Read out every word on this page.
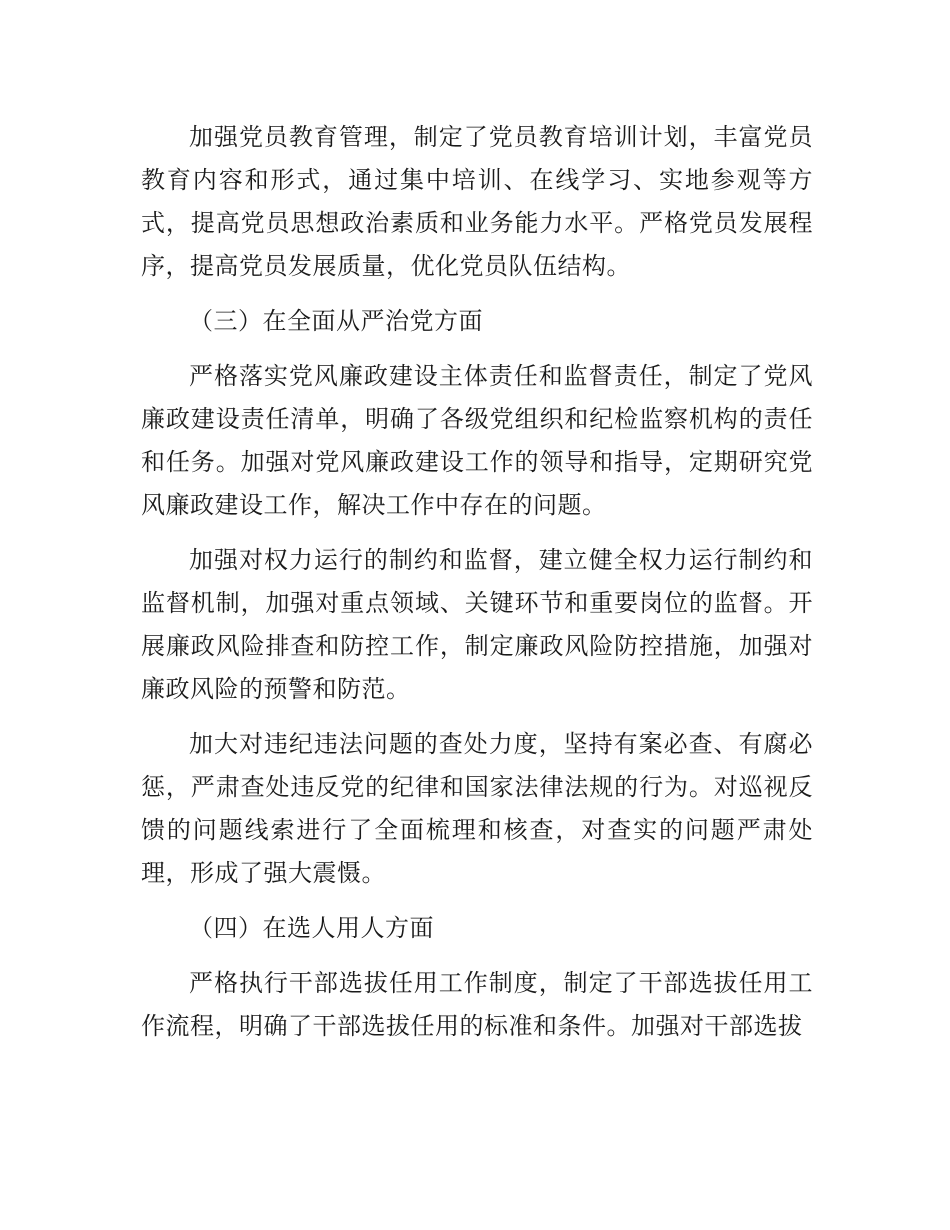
加强党员教育管理，制定了党员教育培训计划，丰富党员教育内容和形式，通过集中培训、在线学习、实地参观等方式，提高党员思想政治素质和业务能力水平。严格党员发展程序，提高党员发展质量，优化党员队伍结构。

（三）在全面从严治党方面

严格落实党风廉政建设主体责任和监督责任，制定了党风廉政建设责任清单，明确了各级党组织和纪检监察机构的责任和任务。加强对党风廉政建设工作的领导和指导，定期研究党风廉政建设工作，解决工作中存在的问题。

加强对权力运行的制约和监督，建立健全权力运行制约和监督机制，加强对重点领域、关键环节和重要岗位的监督。开展廉政风险排查和防控工作，制定廉政风险防控措施，加强对廉政风险的预警和防范。

加大对违纪违法问题的查处力度，坚持有案必查、有腐必惩，严肃查处违反党的纪律和国家法律法规的行为。对巡视反馈的问题线索进行了全面梳理和核查，对查实的问题严肃处理，形成了强大震慑。

（四）在选人用人方面

严格执行干部选拔任用工作制度，制定了干部选拔任用工作流程，明确了干部选拔任用的标准和条件。加强对干部选拔
